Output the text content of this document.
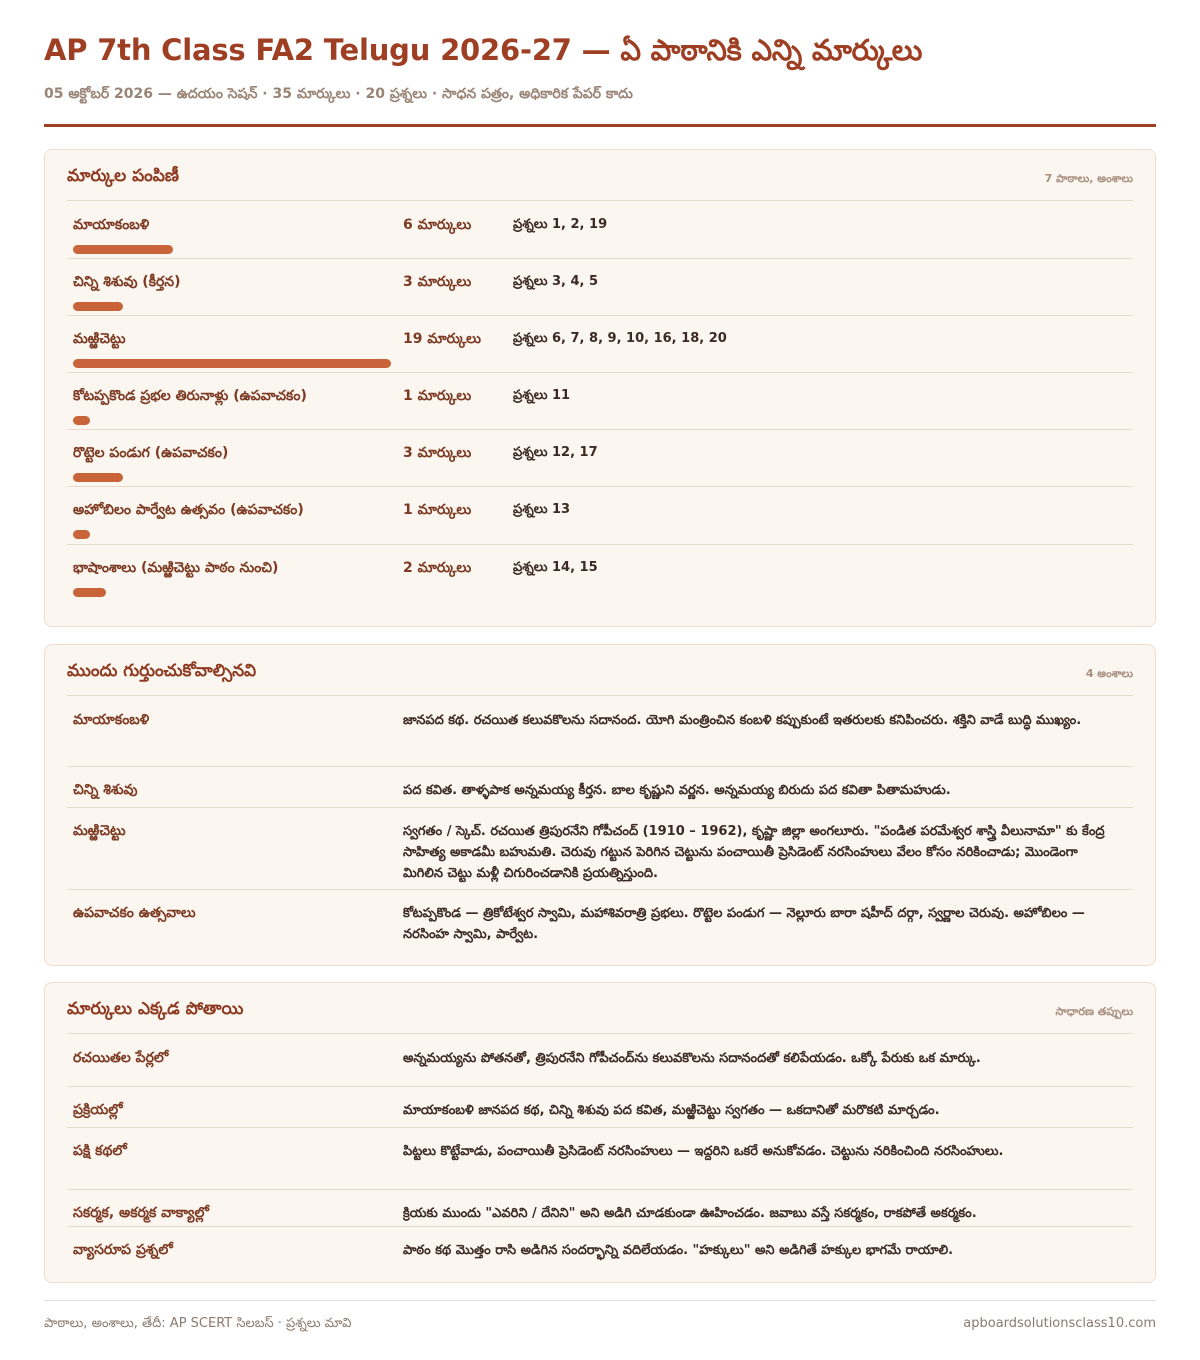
AP 7th Class FA2 Telugu 2026-27 — ఏ పాఠానికి ఎన్ని మార్కులు
05 అక్టోబర్ 2026 — ఉదయం సెషన్ · 35 మార్కులు · 20 ప్రశ్నలు · సాధన పత్రం, అధికారిక పేపర్ కాదు
మార్కుల పంపిణీ	7 పాఠాలు, అంశాలు
మాయాకంబళి	6 మార్కులు	ప్రశ్నలు 1, 2, 19
చిన్ని శిశువు (కీర్తన)	3 మార్కులు	ప్రశ్నలు 3, 4, 5
మఱ్ఱిచెట్టు	19 మార్కులు ప్రశ్నలు 6, 7, 8, 9, 10, 16, 18, 20
కోటప్పకొండ ప్రభల తిరునాళ్లు (ఉపవాచకం)	1 మార్కులు	ప్రశ్నలు 11
రొట్టెల పండుగ (ఉపవాచకం)	3 మార్కులు	ప్రశ్నలు 12, 17
అహోబిలం పార్వేట ఉత్సవం (ఉపవాచకం)	1 మార్కులు	ప్రశ్నలు 13
భాషాంశాలు (మఱ్ఱిచెట్టు పాఠం నుంచి)	2 మార్కులు	ప్రశ్నలు 14, 15
ముందు గుర్తుంచుకోవాల్సినవి	4 అంశాలు
మాయాకంబళి	జానపద కథ. రచయిత కలువకొలను సదానంద. యోగి మంత్రించిన కంబళి కప్పుకుంటే ఇతరులకు కనిపించరు. శక్తిని వాడే బుద్ధి ముఖ్యం.
చిన్ని శిశువు	పద కవిత. తాళ్ళపాక అన్నమయ్య కీర్తన. బాల కృష్ణుని వర్ణన. అన్నమయ్య బిరుదు పద కవితా పితామహుడు.
మఱ్ఱిచెట్టు	స్వగతం / స్కెచ్. రచయిత త్రిపురనేని గోపీచంద్ (1910 – 1962), కృష్ణా జిల్లా అంగలూరు. "పండిత పరమేశ్వర శాస్త్రి వీలునామా" కు కేంద్ర సాహిత్య అకాడమీ బహుమతి. చెరువు గట్టున పెరిగిన చెట్టును పంచాయితీ ప్రెసిడెంట్ నరసింహులు వేలం కోసం నరికించాడు; మొండెంగా మిగిలిన చెట్టు మళ్లీ చిగురించడానికి ప్రయత్నిస్తుంది.
ఉపవాచకం ఉత్సవాలు	కోటప్పకొండ — త్రికోటేశ్వర స్వామి, మహాశివరాత్రి ప్రభలు. రొట్టెల పండుగ — నెల్లూరు బారా షహీద్ దర్గా, స్వర్ణాల చెరువు. అహోబిలం — నరసింహ స్వామి, పార్వేట.
మార్కులు ఎక్కడ పోతాయి	సాధారణ తప్పులు
రచయితల పేర్లలో	అన్నమయ్యను పోతనతో, త్రిపురనేని గోపీచంద్‌ను కలువకొలను సదానందతో కలిపేయడం. ఒక్కో పేరుకు ఒక మార్కు.
ప్రక్రియల్లో	మాయాకంబళి జానపద కథ, చిన్ని శిశువు పద కవిత, మఱ్ఱిచెట్టు స్వగతం — ఒకదానితో మరొకటి మార్చడం.
పక్షి కథలో	పిట్టలు కొట్టేవాడు, పంచాయితీ ప్రెసిడెంట్ నరసింహులు — ఇద్దరిని ఒకరే అనుకోవడం. చెట్టును నరికించింది నరసింహులు.
సకర్మక, అకర్మక వాక్యాల్లో	క్రియకు ముందు "ఎవరిని / దేనిని" అని అడిగి చూడకుండా ఊహించడం. జవాబు వస్తే సకర్మకం, రాకపోతే అకర్మకం.
వ్యాసరూప ప్రశ్నలో	పాఠం కథ మొత్తం రాసి అడిగిన సందర్భాన్ని వదిలేయడం. "హక్కులు" అని అడిగితే హక్కుల భాగమే రాయాలి.
పాఠాలు, అంశాలు, తేదీ: AP SCERT సిలబస్ · ప్రశ్నలు మావి	apboardsolutionsclass10.com
